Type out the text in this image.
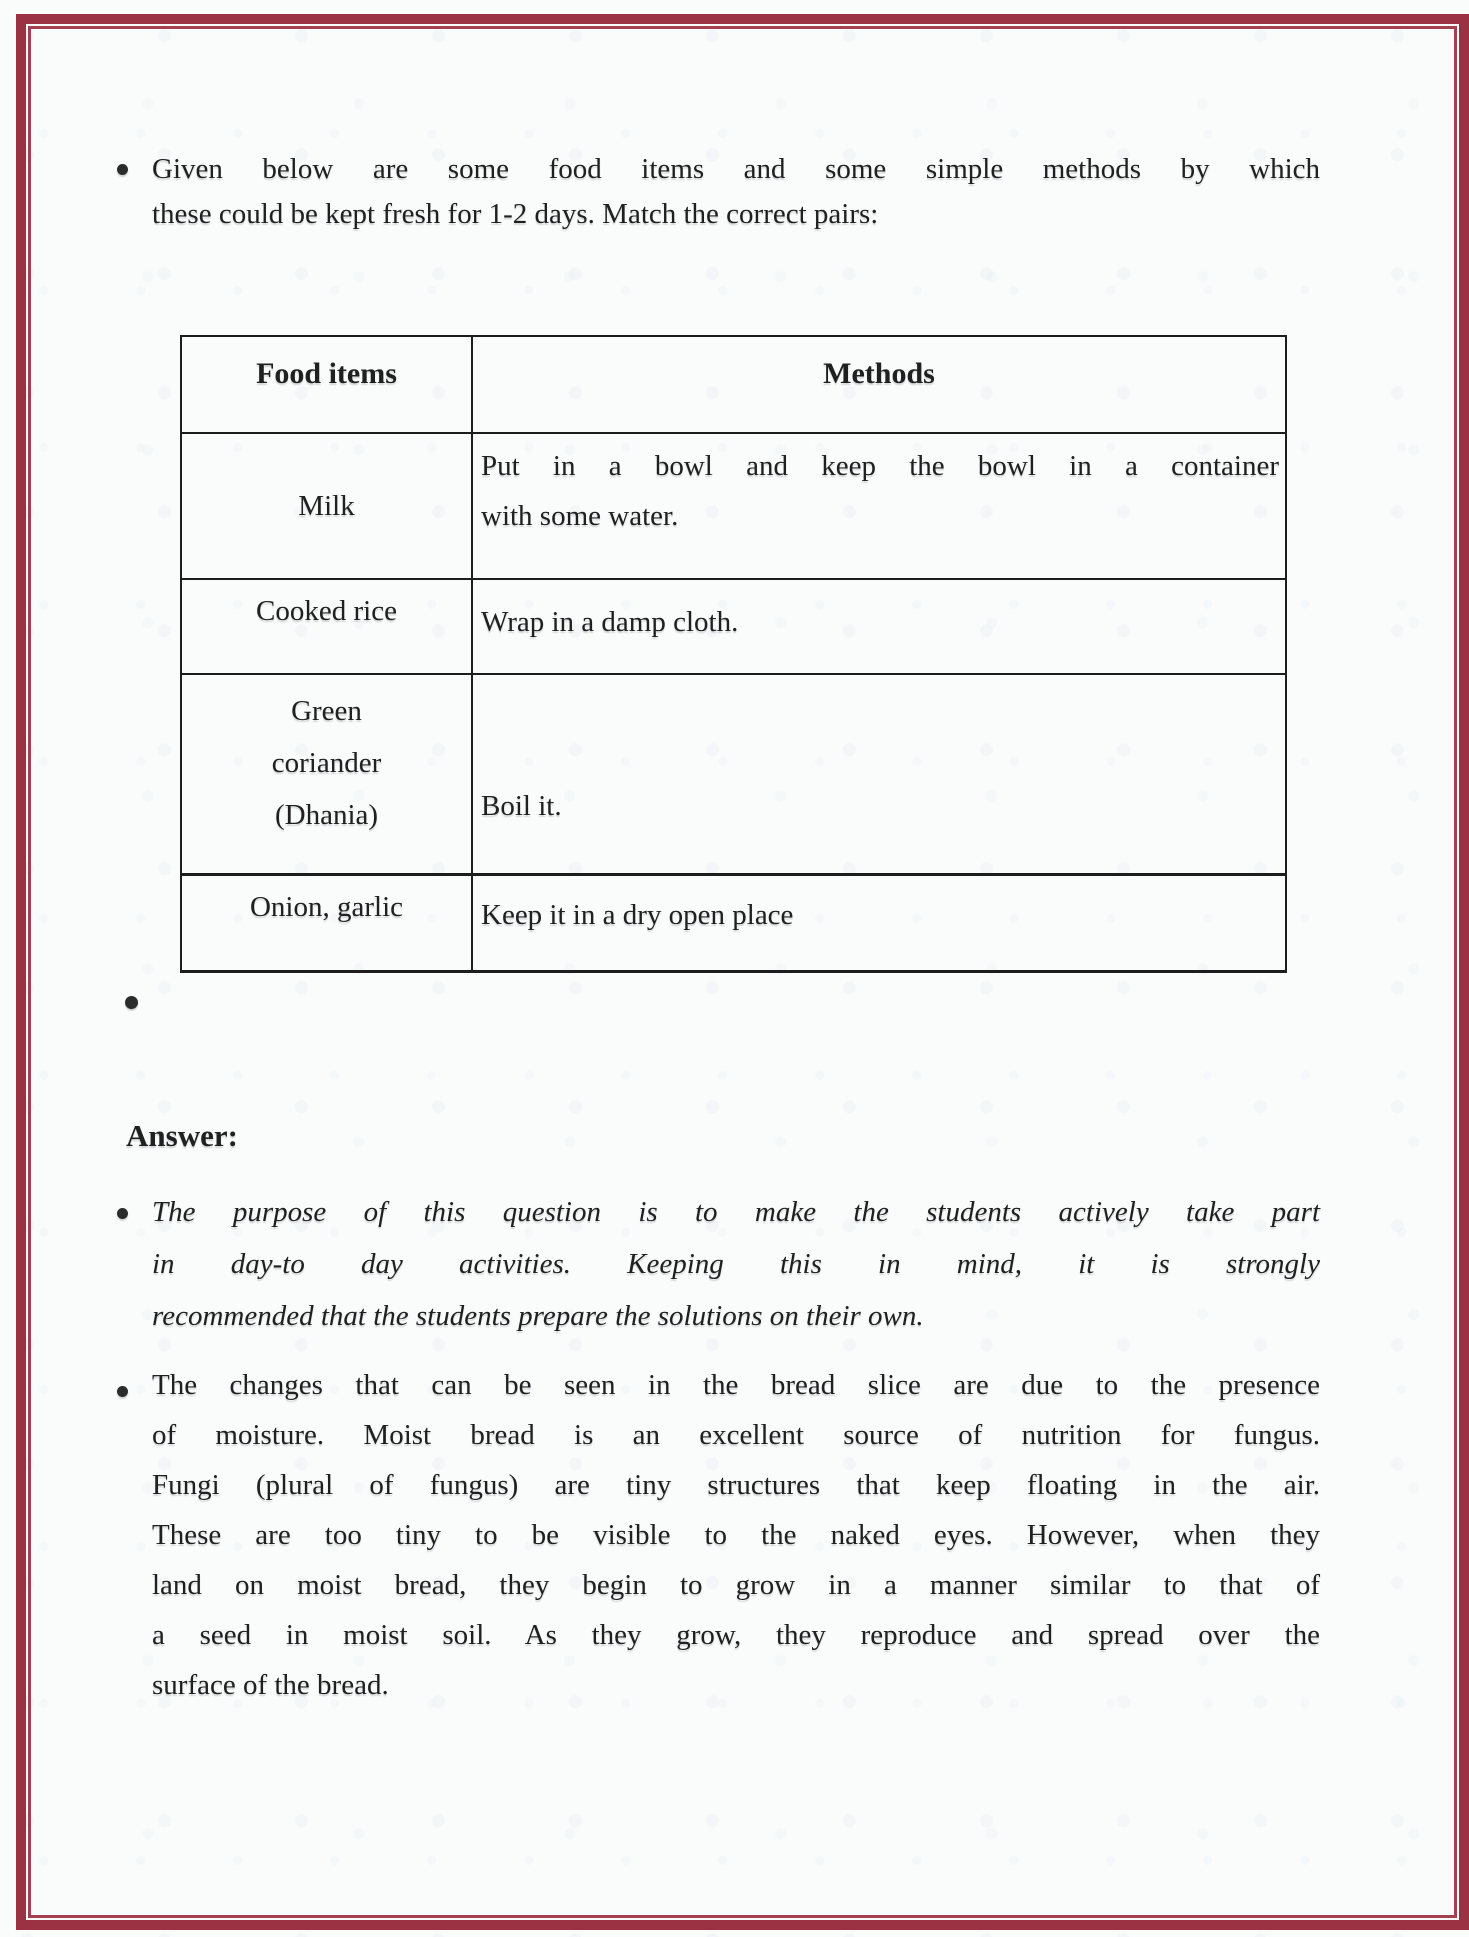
Given below are some food items and some simple methods by which
these could be kept fresh for 1-2 days. Match the correct pairs:
Food items	Methods

Milk	Put in a bowl and keep the bowl in a container
with some water.

Cooked rice	Wrap in a damp cloth.

Green
coriander
(Dhania)	Boil it.

Onion, garlic	Keep it in a dry open place
Answer:
The purpose of this question is to make the students actively take part
in day-to day activities. Keeping this in mind, it is strongly
recommended that the students prepare the solutions on their own.
The changes that can be seen in the bread slice are due to the presence
of moisture. Moist bread is an excellent source of nutrition for fungus.
Fungi (plural of fungus) are tiny structures that keep floating in the air.
These are too tiny to be visible to the naked eyes. However, when they
land on moist bread, they begin to grow in a manner similar to that of
a seed in moist soil. As they grow, they reproduce and spread over the
surface of the bread.
